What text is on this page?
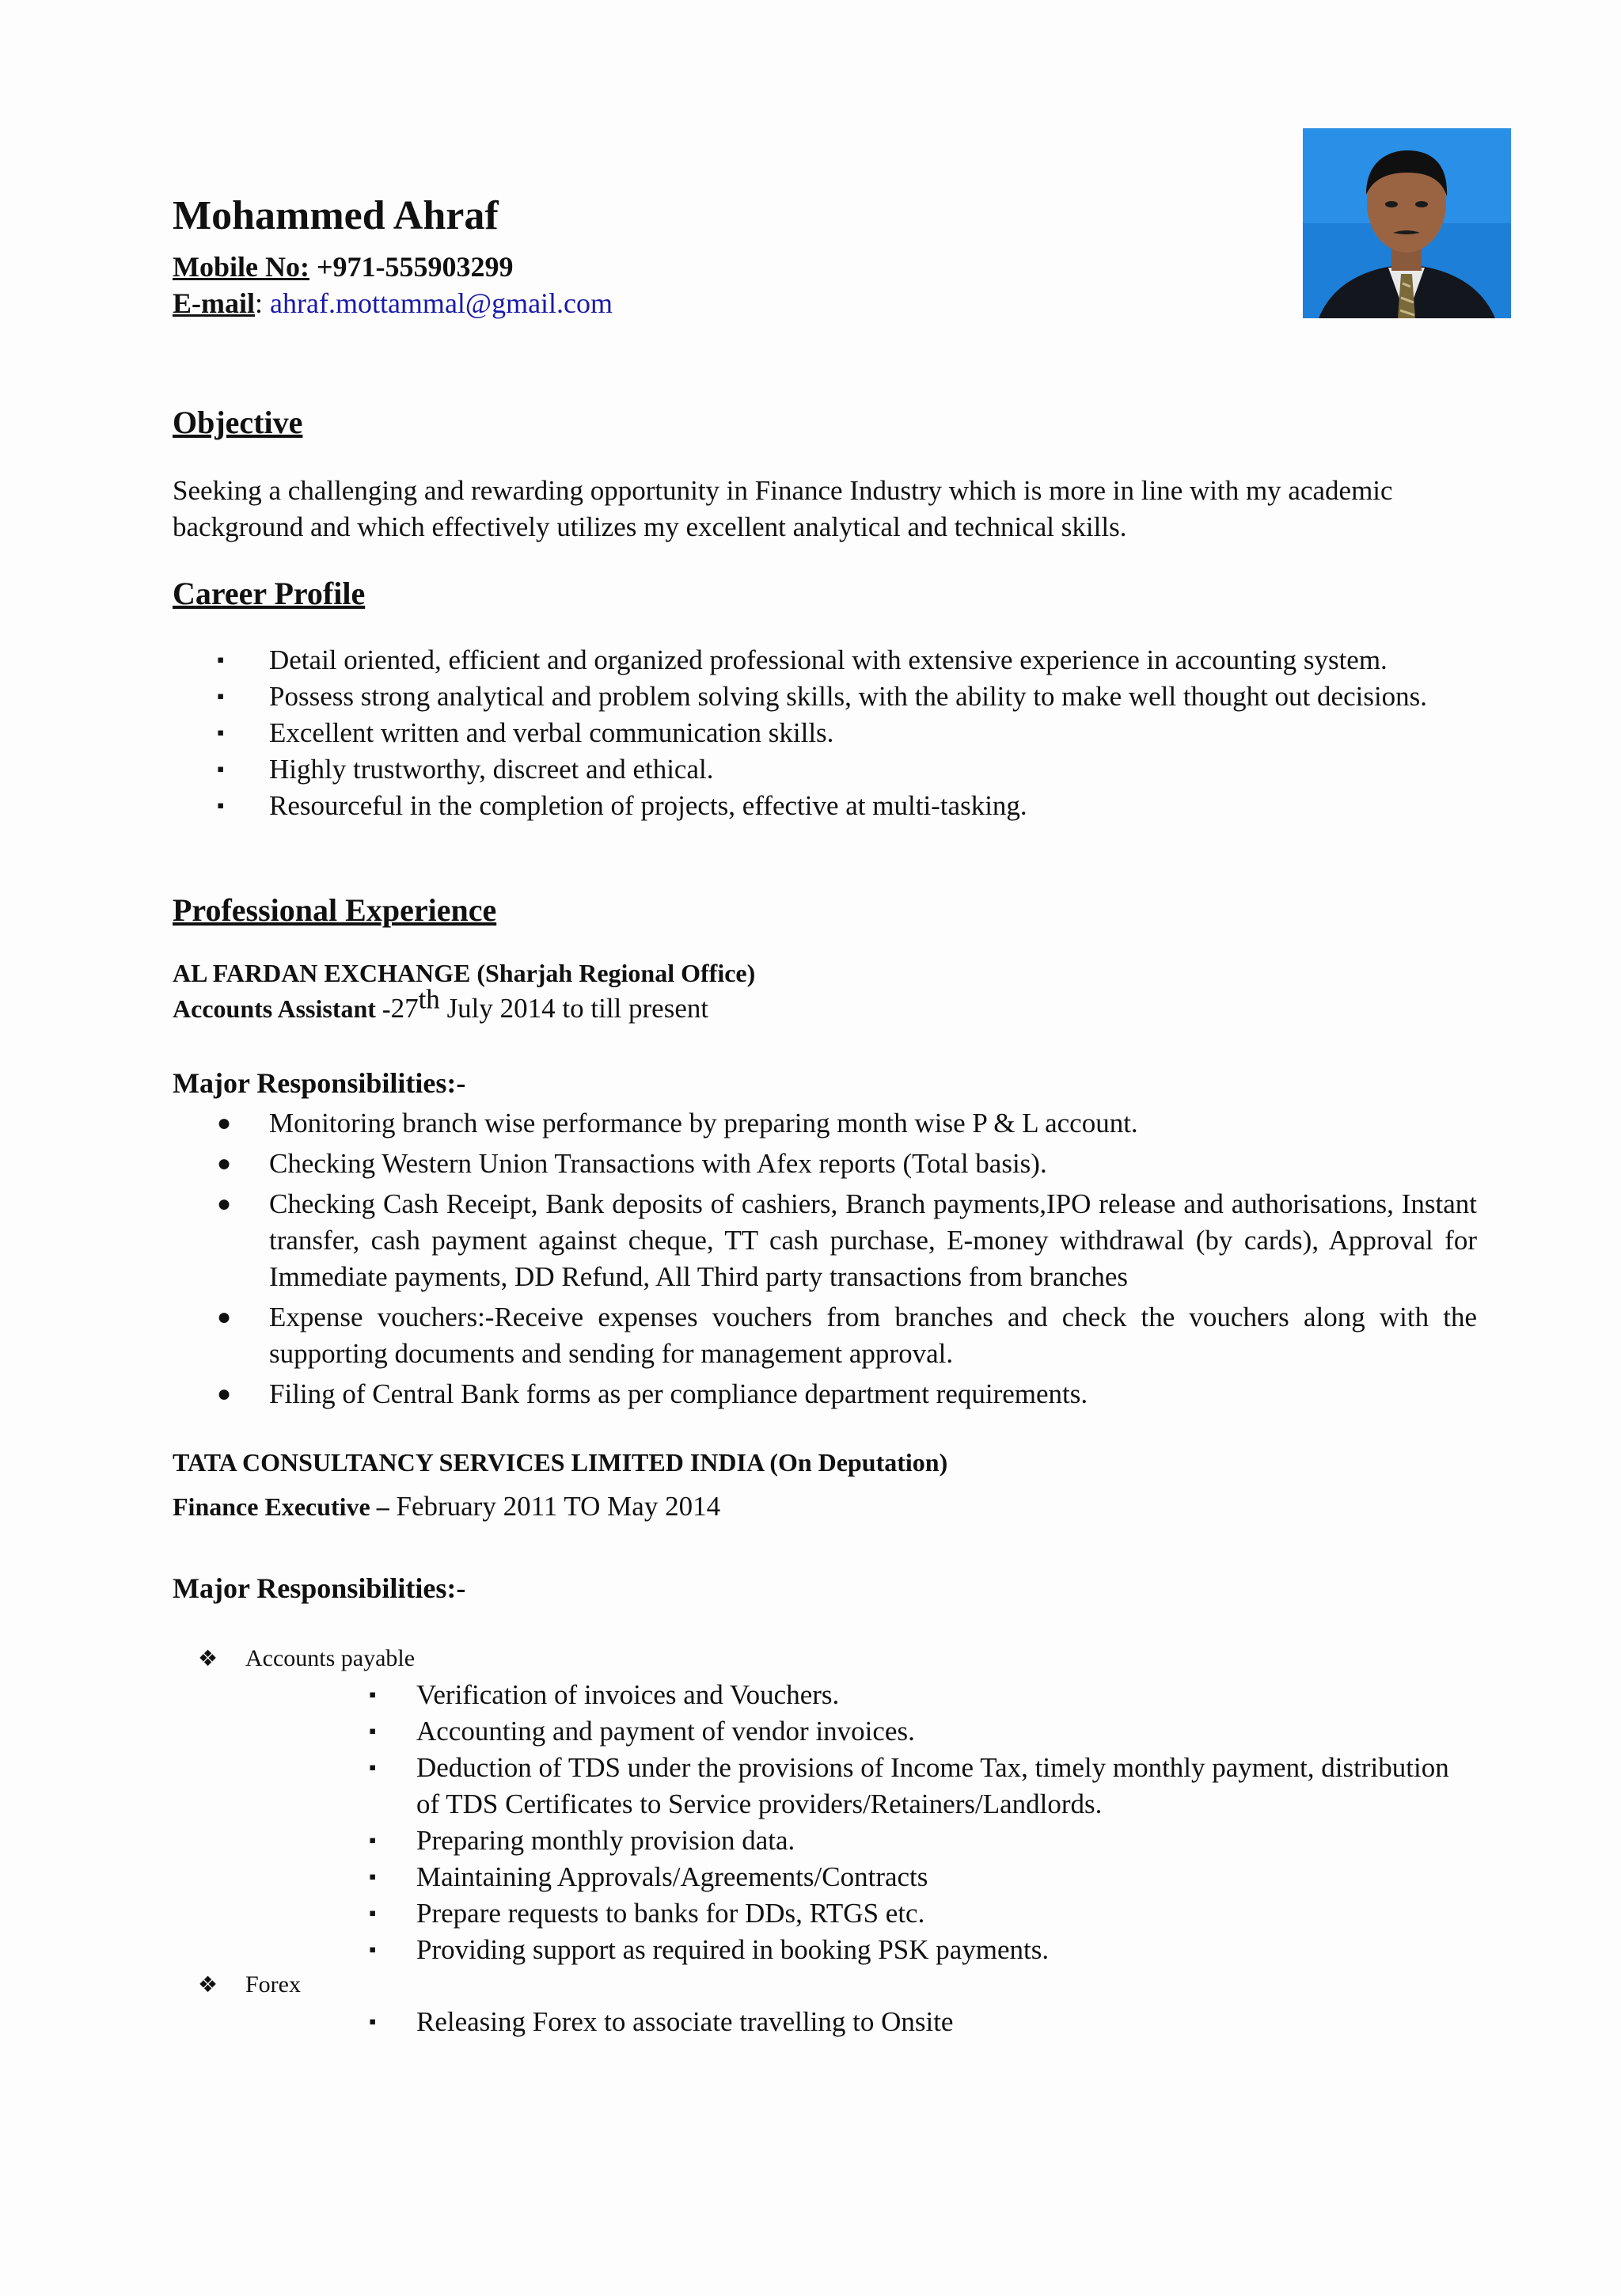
Mohammed Ahraf
Mobile No: +971-555903299
E-mail: ahraf.mottammal@gmail.com
Objective
Seeking a challenging and rewarding opportunity in Finance Industry which is more in line with my academic background and which effectively utilizes my excellent analytical and technical skills.
Career Profile
▪ Detail oriented, efficient and organized professional with extensive experience in accounting system.
▪ Possess strong analytical and problem solving skills, with the ability to make well thought out decisions.
▪ Excellent written and verbal communication skills.
▪ Highly trustworthy, discreet and ethical.
▪ Resourceful in the completion of projects, effective at multi-tasking.
Professional Experience
AL FARDAN EXCHANGE (Sharjah Regional Office)
Accounts Assistant -27th July 2014 to till present
Major Responsibilities:-
● Monitoring branch wise performance by preparing month wise P & L account.
● Checking Western Union Transactions with Afex reports (Total basis).
● Checking Cash Receipt, Bank deposits of cashiers, Branch payments,IPO release and authorisations, Instant transfer, cash payment against cheque, TT cash purchase, E-money withdrawal (by cards), Approval for Immediate payments, DD Refund, All Third party transactions from branches
● Expense vouchers:-Receive expenses vouchers from branches and check the vouchers along with the supporting documents and sending for management approval.
● Filing of Central Bank forms as per compliance department requirements.
TATA CONSULTANCY SERVICES LIMITED INDIA (On Deputation)
Finance Executive – February 2011 TO May 2014
Major Responsibilities:-
❖ Accounts payable
▪ Verification of invoices and Vouchers.
▪ Accounting and payment of vendor invoices.
▪ Deduction of TDS under the provisions of Income Tax, timely monthly payment, distribution of TDS Certificates to Service providers/Retainers/Landlords.
▪ Preparing monthly provision data.
▪ Maintaining Approvals/Agreements/Contracts
▪ Prepare requests to banks for DDs, RTGS etc.
▪ Providing support as required in booking PSK payments.
❖ Forex
▪ Releasing Forex to associate travelling to Onsite
